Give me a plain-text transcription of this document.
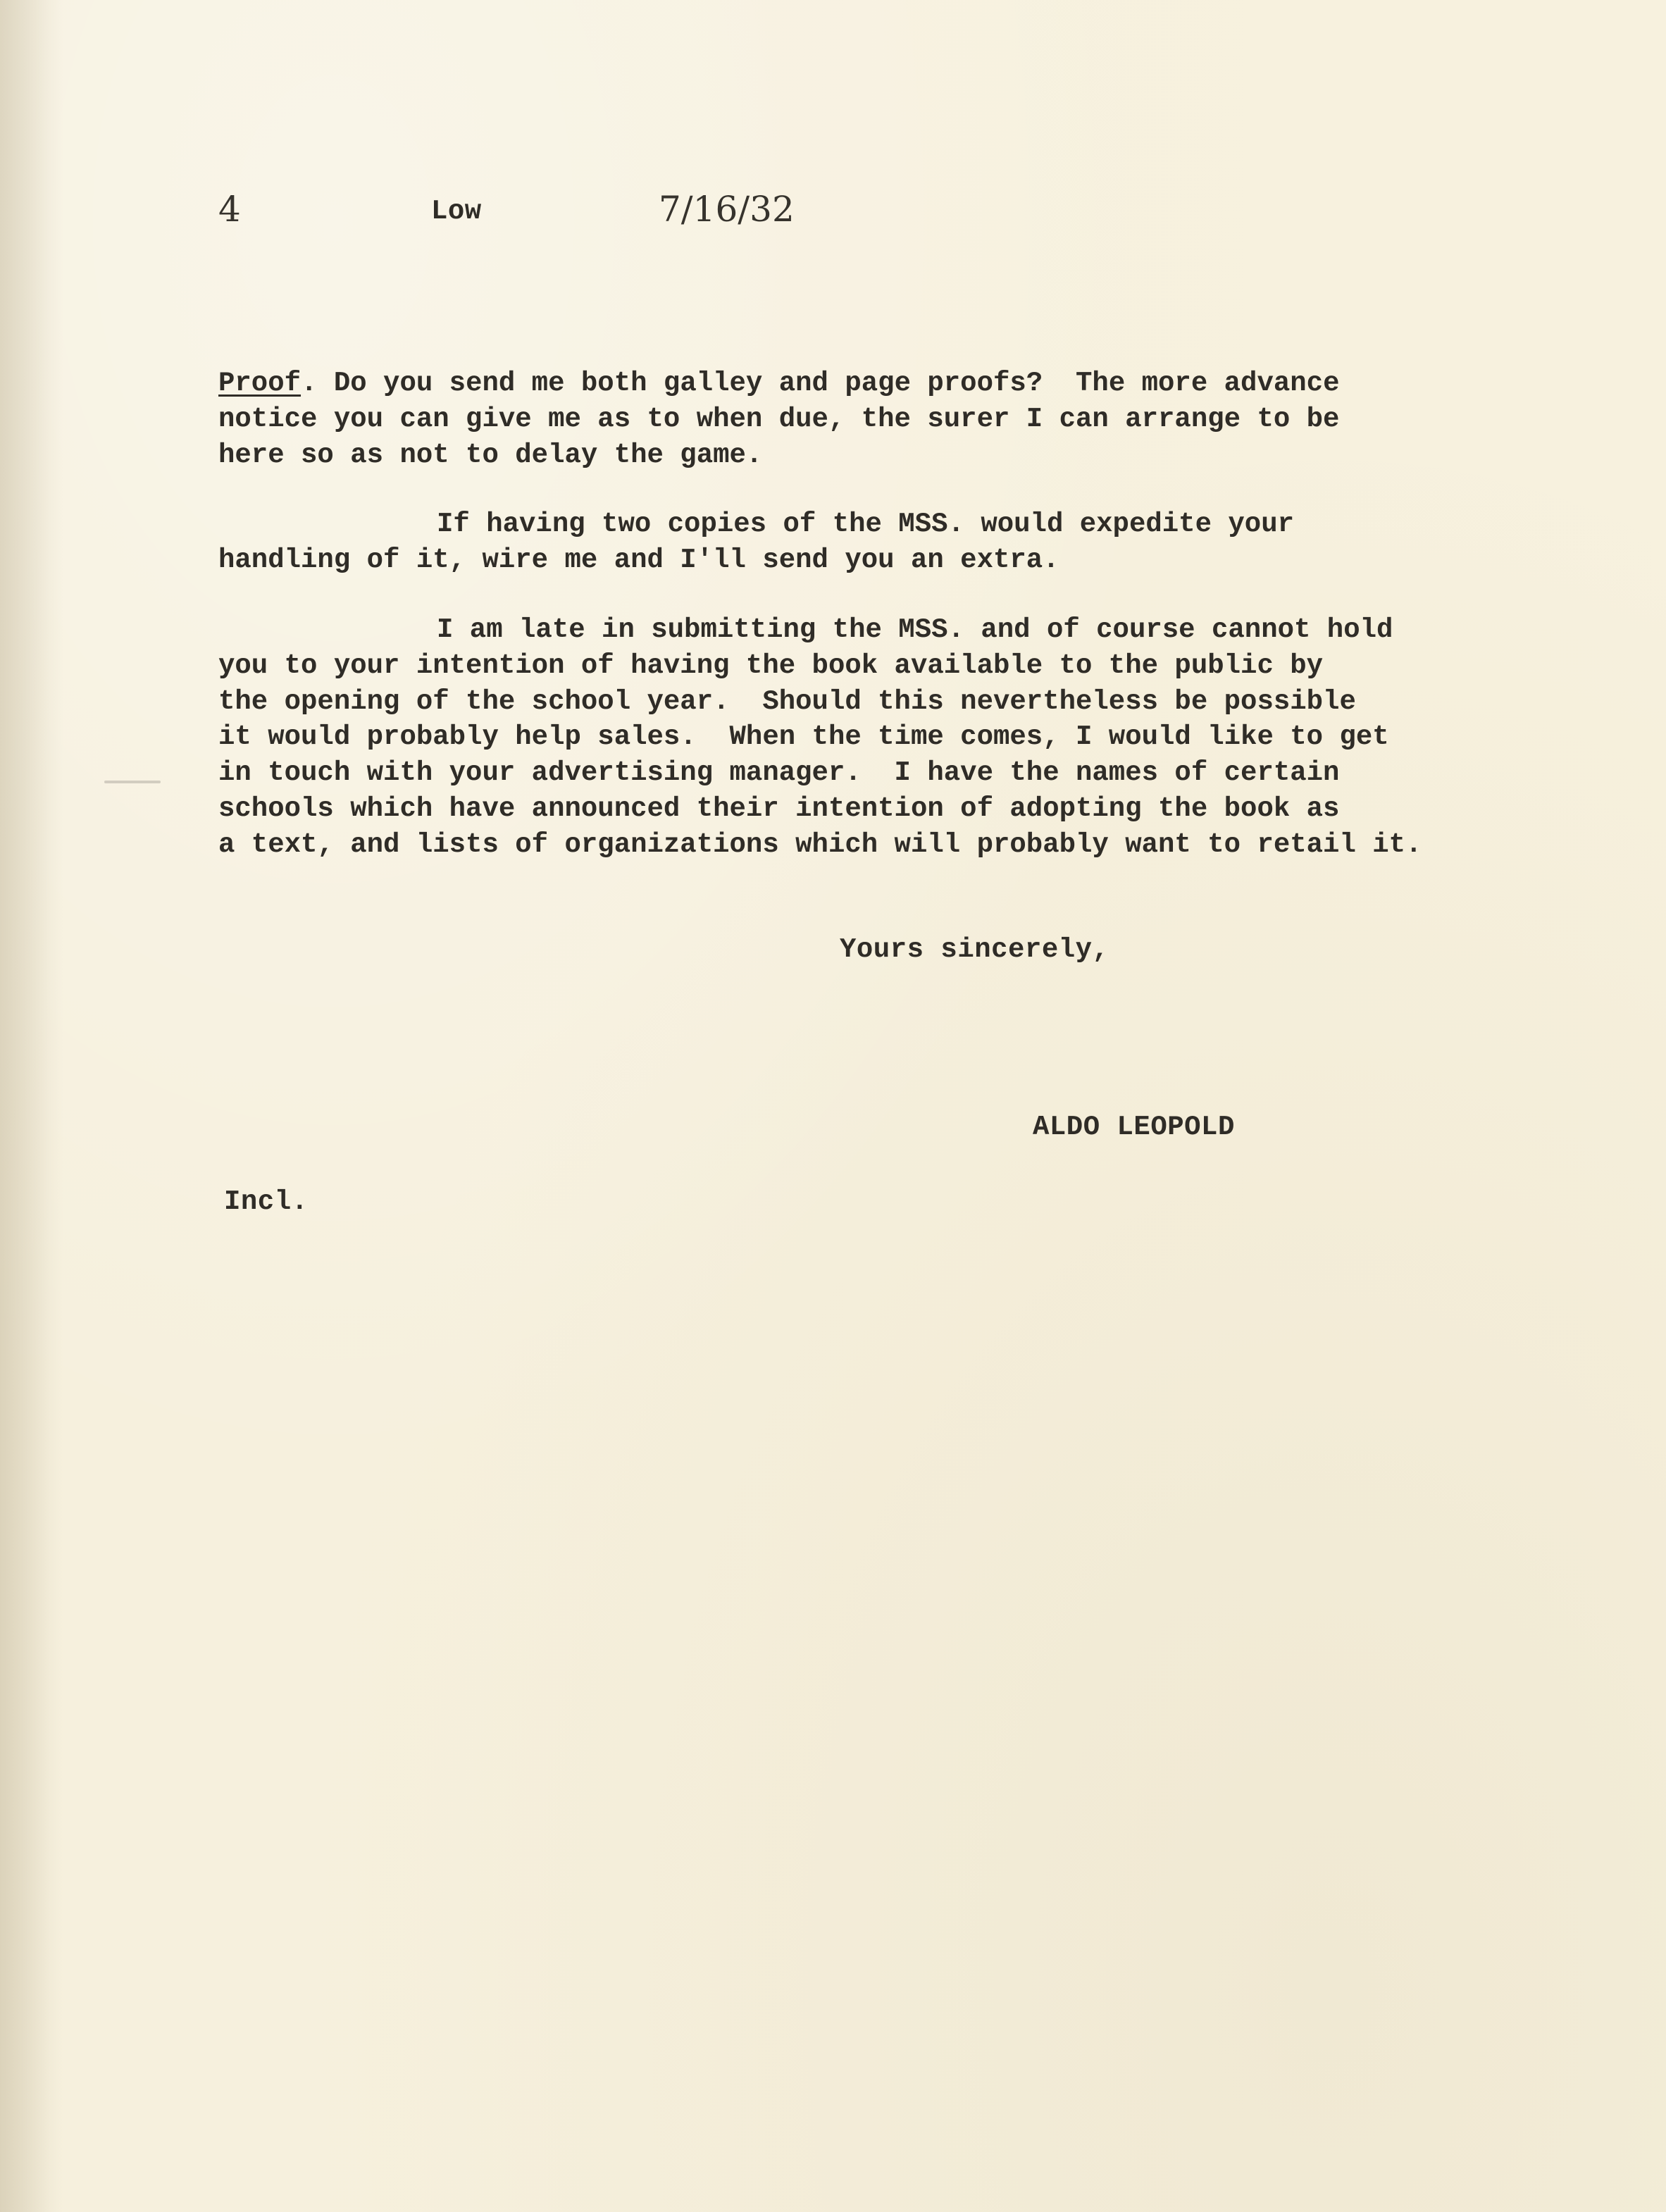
4	Low	7/16/32
Proof. Do you send me both galley and page proofs?  The more advance
notice you can give me as to when due, the surer I can arrange to be
here so as not to delay the game.
If having two copies of the MSS. would expedite your
handling of it, wire me and I'll send you an extra.
I am late in submitting the MSS. and of course cannot hold
you to your intention of having the book available to the public by
the opening of the school year.  Should this nevertheless be possible
it would probably help sales.  When the time comes, I would like to get
in touch with your advertising manager.  I have the names of certain
schools which have announced their intention of adopting the book as
a text, and lists of organizations which will probably want to retail it.
Yours sincerely,
ALDO LEOPOLD
Incl.
